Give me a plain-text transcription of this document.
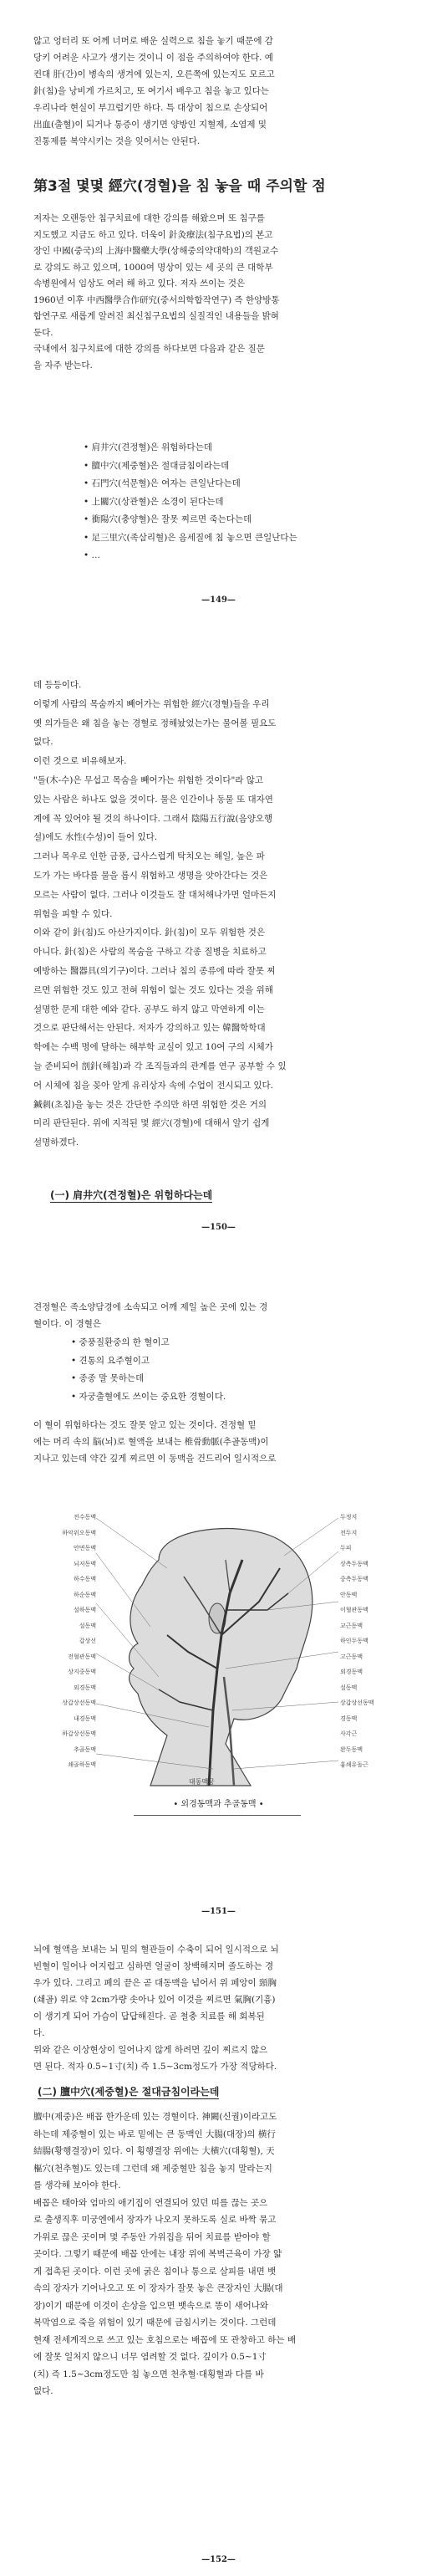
않고 엉터리 또 어께 너머로 배운 실력으로 침을 놓기 때문에 감
당키 어려운 사고가 생기는 것이니 이 점을 주의하여야 한다. 예
컨대 肝(간)이 병속의 생겨에 있는지, 오른쪽에 있는지도 모르고
針(침)을 낭비게 가르치고, 또 여기서 배우고 침을 놓고 있다는
우리나라 현실이 부끄럽기만 하다. 특 대상이 침으로 손상되어
出血(출혈)이 되거나 통증이 생기면 양방인 지혈제, 소염제 및
진통제를 복약시키는 것을 잊어서는 안된다.
第3절 몇몇 經穴(경혈)을 침 놓을 때 주의할 점
저자는 오랜동안 침구치료에 대한 강의를 해왔으며 또 침구를
지도했고 지금도 하고 있다. 더욱이 針灸療法(침구요법)의 본고
장인 中國(중국)의 上海中醫藥大學(상해중의약대학)의 객원교수
로 강의도 하고 있으며, 1000여 명상이 있는 세 곳의 큰 대학부
속병원에서 임상도 여러 해 하고 있다. 저자 쓰이는 것은
1960년 이후 中西醫學合作研究(중서의학합작연구) 즉 한양방통
합연구로 새롭게 알려진 최신침구요법의 실질적인 내용들을 밝혀
둔다.
국내에서 침구치료에 대한 강의를 하다보면 다음과 같은 질문
을 자주 받는다.
• 肩井穴(견정혈)은 위험하다는데
• 膻中穴(제중혈)은 절대금침이라는데
• 石門穴(석문혈)은 여자는 큰일난다는데
• 上關穴(상관혈)은 소경이 된다는데
• 衝陽穴(충양혈)은 잘못 찌르면 죽는다는데
• 足三里穴(족삼리혈)은 음세질에 침 놓으면 큰일난다는
• …
—149—
데 등등이다.
이렇게 사람의 목숨까지 빼어가는 위험한 經穴(경혈)들을 우리
옛 의가들은 왜 침을 놓는 경혈로 정해놨었는가는 물어볼 필요도
없다.
이런 것으로 비유해보자.
"돌(木-수)은 무섭고 목숨을 빼어가는 위험한 것이다"라 않고
있는 사람은 하나도 없을 것이다. 물은 인간이나 동물 또 대자연
계에 꼭 있어야 될 것의 하나이다. 그래서 陰陽五行說(음양오행
설)에도 水性(수성)이 들어 있다.
그러나 목우로 인한 금풍, 급사스럽게 탁치오는 해일, 높은 파
도가 가는 바다를 물을 롭시 위험하고 생명을 앗아간다는 것은
모르는 사람이 없다. 그러나 이것들도 잘 대처해나가면 얼마든지
위험을 피할 수 있다.
이와 같이 針(침)도 아산가지이다. 針(침)이 모두 위험한 것은
아니다. 針(침)은 사람의 목숨을 구하고 각종 질병을 치료하고
예방하는 醫器具(의기구)이다. 그러나 침의 종류에 따라 잘못 찌
르면 위험한 것도 있고 전혀 위험이 없는 것도 있다는 것을 위해
설명한 문제 대한 예와 같다. 공부도 하지 않고 막연하게 이는
것으로 판단해서는 안된다. 저자가 강의하고 있는 韓醫학학대
학에는 수백 명에 달하는 해부학 교실이 있고 10여 구의 시체가
늘 준비되어 剖針(해침)과 각 조직들과의 관계를 연구 공부할 수 있
어 시체에 침을 꽂아 알게 유리상자 속에 수업이 전시되고 있다.
鍼刺(초침)을 놓는 것은 간단한 주의만 하면 위험한 것은 거의
미리 판단된다. 위에 지적된 몇 經穴(경혈)에 대해서 알기 쉽게
설명하겠다.
(一) 肩井穴(견정혈)은 위험하다는데
—150—
견정혈은 족소양담경에 소속되고 어깨 제일 높은 곳에 있는 경
혈이다. 이 경혈은
• 중풍질환중의 한 혈이고
• 견통의 요주혈이고
• 종종 말 못하는데
• 자궁출혈에도 쓰이는 중요한 경혈이다.
이 혈이 위험하다는 것도 잘못 알고 있는 것이다. 견정혈 밑
에는 머리 속의 脳(뇌)로 혈액을 보내는 椎骨動脈(추골동맥)이
지나고 있는데 약간 깊게 찌르면 이 동맥을 건드리어 일시적으로
—151—
전수동맥
하악위오동맥
안면동맥
뇌저동맥
하수동맥
하순동맥
설하동맥
설동맥
갑상선
전혈관동맥
상지중동맥
외경동맥
상갑상선동맥
내경동맥
하갑상선동맥
추골동맥
쇄골하동맥
두정지
전두지
두피
상측두동맥
중측두동맥
안동맥
이혈관동맥
교근동맥
하인두동맥
고근동맥
외경동맥
설동맥
상갑상선동맥
경동맥
사각근
완두동맥
흉쇄유돌근
대동맥궁
• 외경동맥과 추골동맥 •
뇌에 혈액을 보내는 뇌 밑의 혈관들이 수축이 되어 일시적으로 뇌
빈혈이 일어나 어지럽고 심하면 얼굴이 창백해지며 졸도하는 경
우가 있다. 그리고 폐의 끝은 곧 대동맥을 넘어서 위 페앙이 頸胸
(쇄골) 위로 약 2cm가량 솟아나 있어 이것을 찌르면 氣胸(기흉)
이 생기게 되어 가슴이 답답해진다. 곧 철충 치료를 해 회복된
다.
위와 같은 이상현상이 일어나지 않게 하려면 깊이 찌르지 않으
면 된다. 적자 0.5~1寸(치) 즉 1.5~3cm정도가 가장 적당하다.
(二) 膻中穴(제중혈)은 절대금침이라는데
膻中(제중)은 배꼽 한가운데 있는 경혈이다. 神闕(신궐)이라고도
하는데 제중혈이 있는 바로 밑에는 큰 동맥인 大腸(대장)의 横行
結腸(황행결장)이 있다. 이 횡행결장 위에는 大横穴(대횡혈), 天
樞穴(천추혈)도 있는데 그런데 왜 제중혈만 침을 놓지 말라는지
를 생각해 보아야 한다.
배꼽은 태아와 엄마의 애기집이 연결되어 있던 띠를 끊는 곳으
로 출생직후 미궁엔에서 장자가 나오지 못하도록 실로 바짝 묶고
가위로 끊은 곳이며 몇 주동안 가위집을 뒤어 치료를 받아야 할
곳이다. 그렇기 때문에 배꼽 안에는 내장 위에 복벽근육이 가장 얇
게 접촉된 곳이다. 이런 곳에 굵은 침이나 통으로 살피를 내면 뱃
속의 장자가 기어나오고 또 이 장자가 잘못 놓은 큰장자인 大腸(대
장)이기 때문에 이것이 손상을 입으면 뱃속으로 똥이 새어나와
복막염으로 죽을 위험이 있기 때문에 금침시키는 것이다. 그런데
현재 전세계적으로 쓰고 있는 호침으로는 배꼽에 또 관창하고 하는 배
에 잘못 일처지 않으니 너무 염려할 것 없다. 깊이가 0.5~1寸
(치) 즉 1.5~3cm정도만 침 놓으면 천추혈·대횡혈과 다를 바
없다.
—152—
